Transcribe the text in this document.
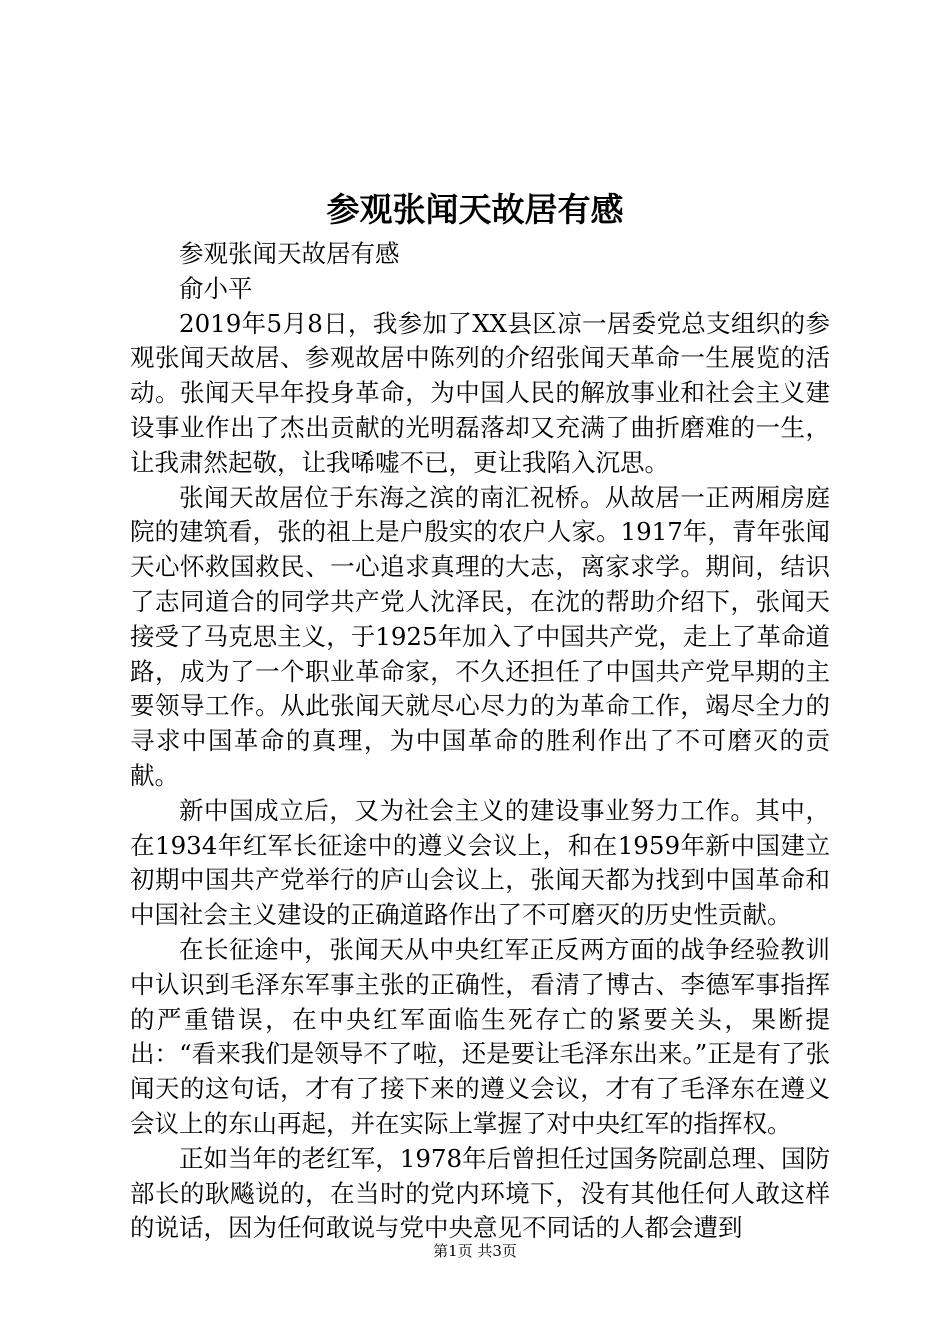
参观张闻天故居有感

参观张闻天故居有感

俞小平

2019年5月8日，我参加了XX县区凉一居委党总支组织的参观张闻天故居、参观故居中陈列的介绍张闻天革命一生展览的活动。张闻天早年投身革命，为中国人民的解放事业和社会主义建设事业作出了杰出贡献的光明磊落却又充满了曲折磨难的一生，让我肃然起敬，让我唏嘘不已，更让我陷入沉思。

张闻天故居位于东海之滨的南汇祝桥。从故居一正两厢房庭院的建筑看，张的祖上是户殷实的农户人家。1917年，青年张闻天心怀救国救民、一心追求真理的大志，离家求学。期间，结识了志同道合的同学共产党人沈泽民，在沈的帮助介绍下，张闻天接受了马克思主义，于1925年加入了中国共产党，走上了革命道路，成为了一个职业革命家，不久还担任了中国共产党早期的主要领导工作。从此张闻天就尽心尽力的为革命工作，竭尽全力的寻求中国革命的真理，为中国革命的胜利作出了不可磨灭的贡献。

新中国成立后，又为社会主义的建设事业努力工作。其中，在1934年红军长征途中的遵义会议上，和在1959年新中国建立初期中国共产党举行的庐山会议上，张闻天都为找到中国革命和中国社会主义建设的正确道路作出了不可磨灭的历史性贡献。

在长征途中，张闻天从中央红军正反两方面的战争经验教训中认识到毛泽东军事主张的正确性，看清了博古、李德军事指挥的严重错误，在中央红军面临生死存亡的紧要关头，果断提出：“看来我们是领导不了啦，还是要让毛泽东出来。”正是有了张闻天的这句话，才有了接下来的遵义会议，才有了毛泽东在遵义会议上的东山再起，并在实际上掌握了对中央红军的指挥权。

正如当年的老红军，1978年后曾担任过国务院副总理、国防部长的耿飚说的，在当时的党内环境下，没有其他任何人敢这样的说话，因为任何敢说与党中央意见不同话的人都会遭到

第1页 共3页
